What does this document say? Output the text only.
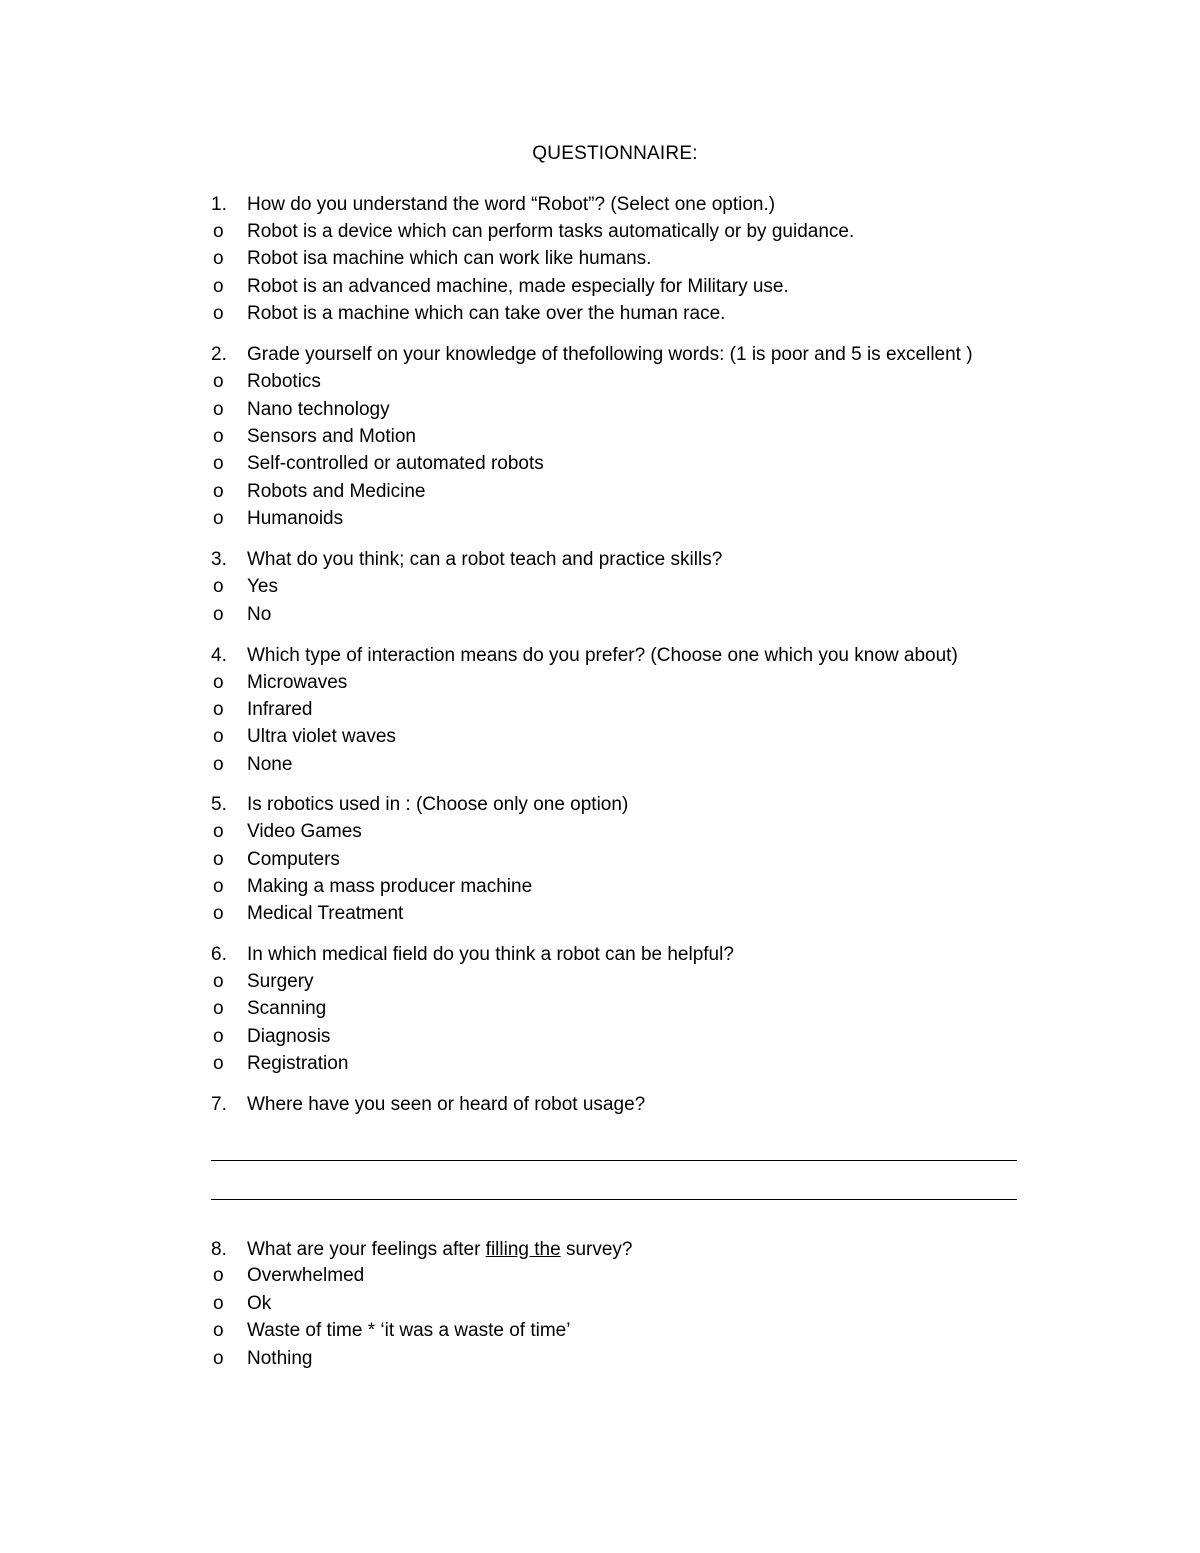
QUESTIONNAIRE:
1. How do you understand the word “Robot”? (Select one option.)
o Robot is a device which can perform tasks automatically or by guidance.
o Robot isa machine which can work like humans.
o Robot is an advanced machine, made especially for Military use.
o Robot is a machine which can take over the human race.
2. Grade yourself on your knowledge of thefollowing words: (1 is poor and 5 is excellent )
o Robotics
o Nano technology
o Sensors and Motion
o Self-controlled or automated robots
o Robots and Medicine
o Humanoids
3. What do you think; can a robot teach and practice skills?
o Yes
o No
4. Which type of interaction means do you prefer? (Choose one which you know about)
o Microwaves
o Infrared
o Ultra violet waves
o None
5. Is robotics used in : (Choose only one option)
o Video Games
o Computers
o Making a mass producer machine
o Medical Treatment
6. In which medical field do you think a robot can be helpful?
o Surgery
o Scanning
o Diagnosis
o Registration
7. Where have you seen or heard of robot usage?
8. What are your feelings after filling the survey?
o Overwhelmed
o Ok
o Waste of time * ‘it was a waste of time’
o Nothing
